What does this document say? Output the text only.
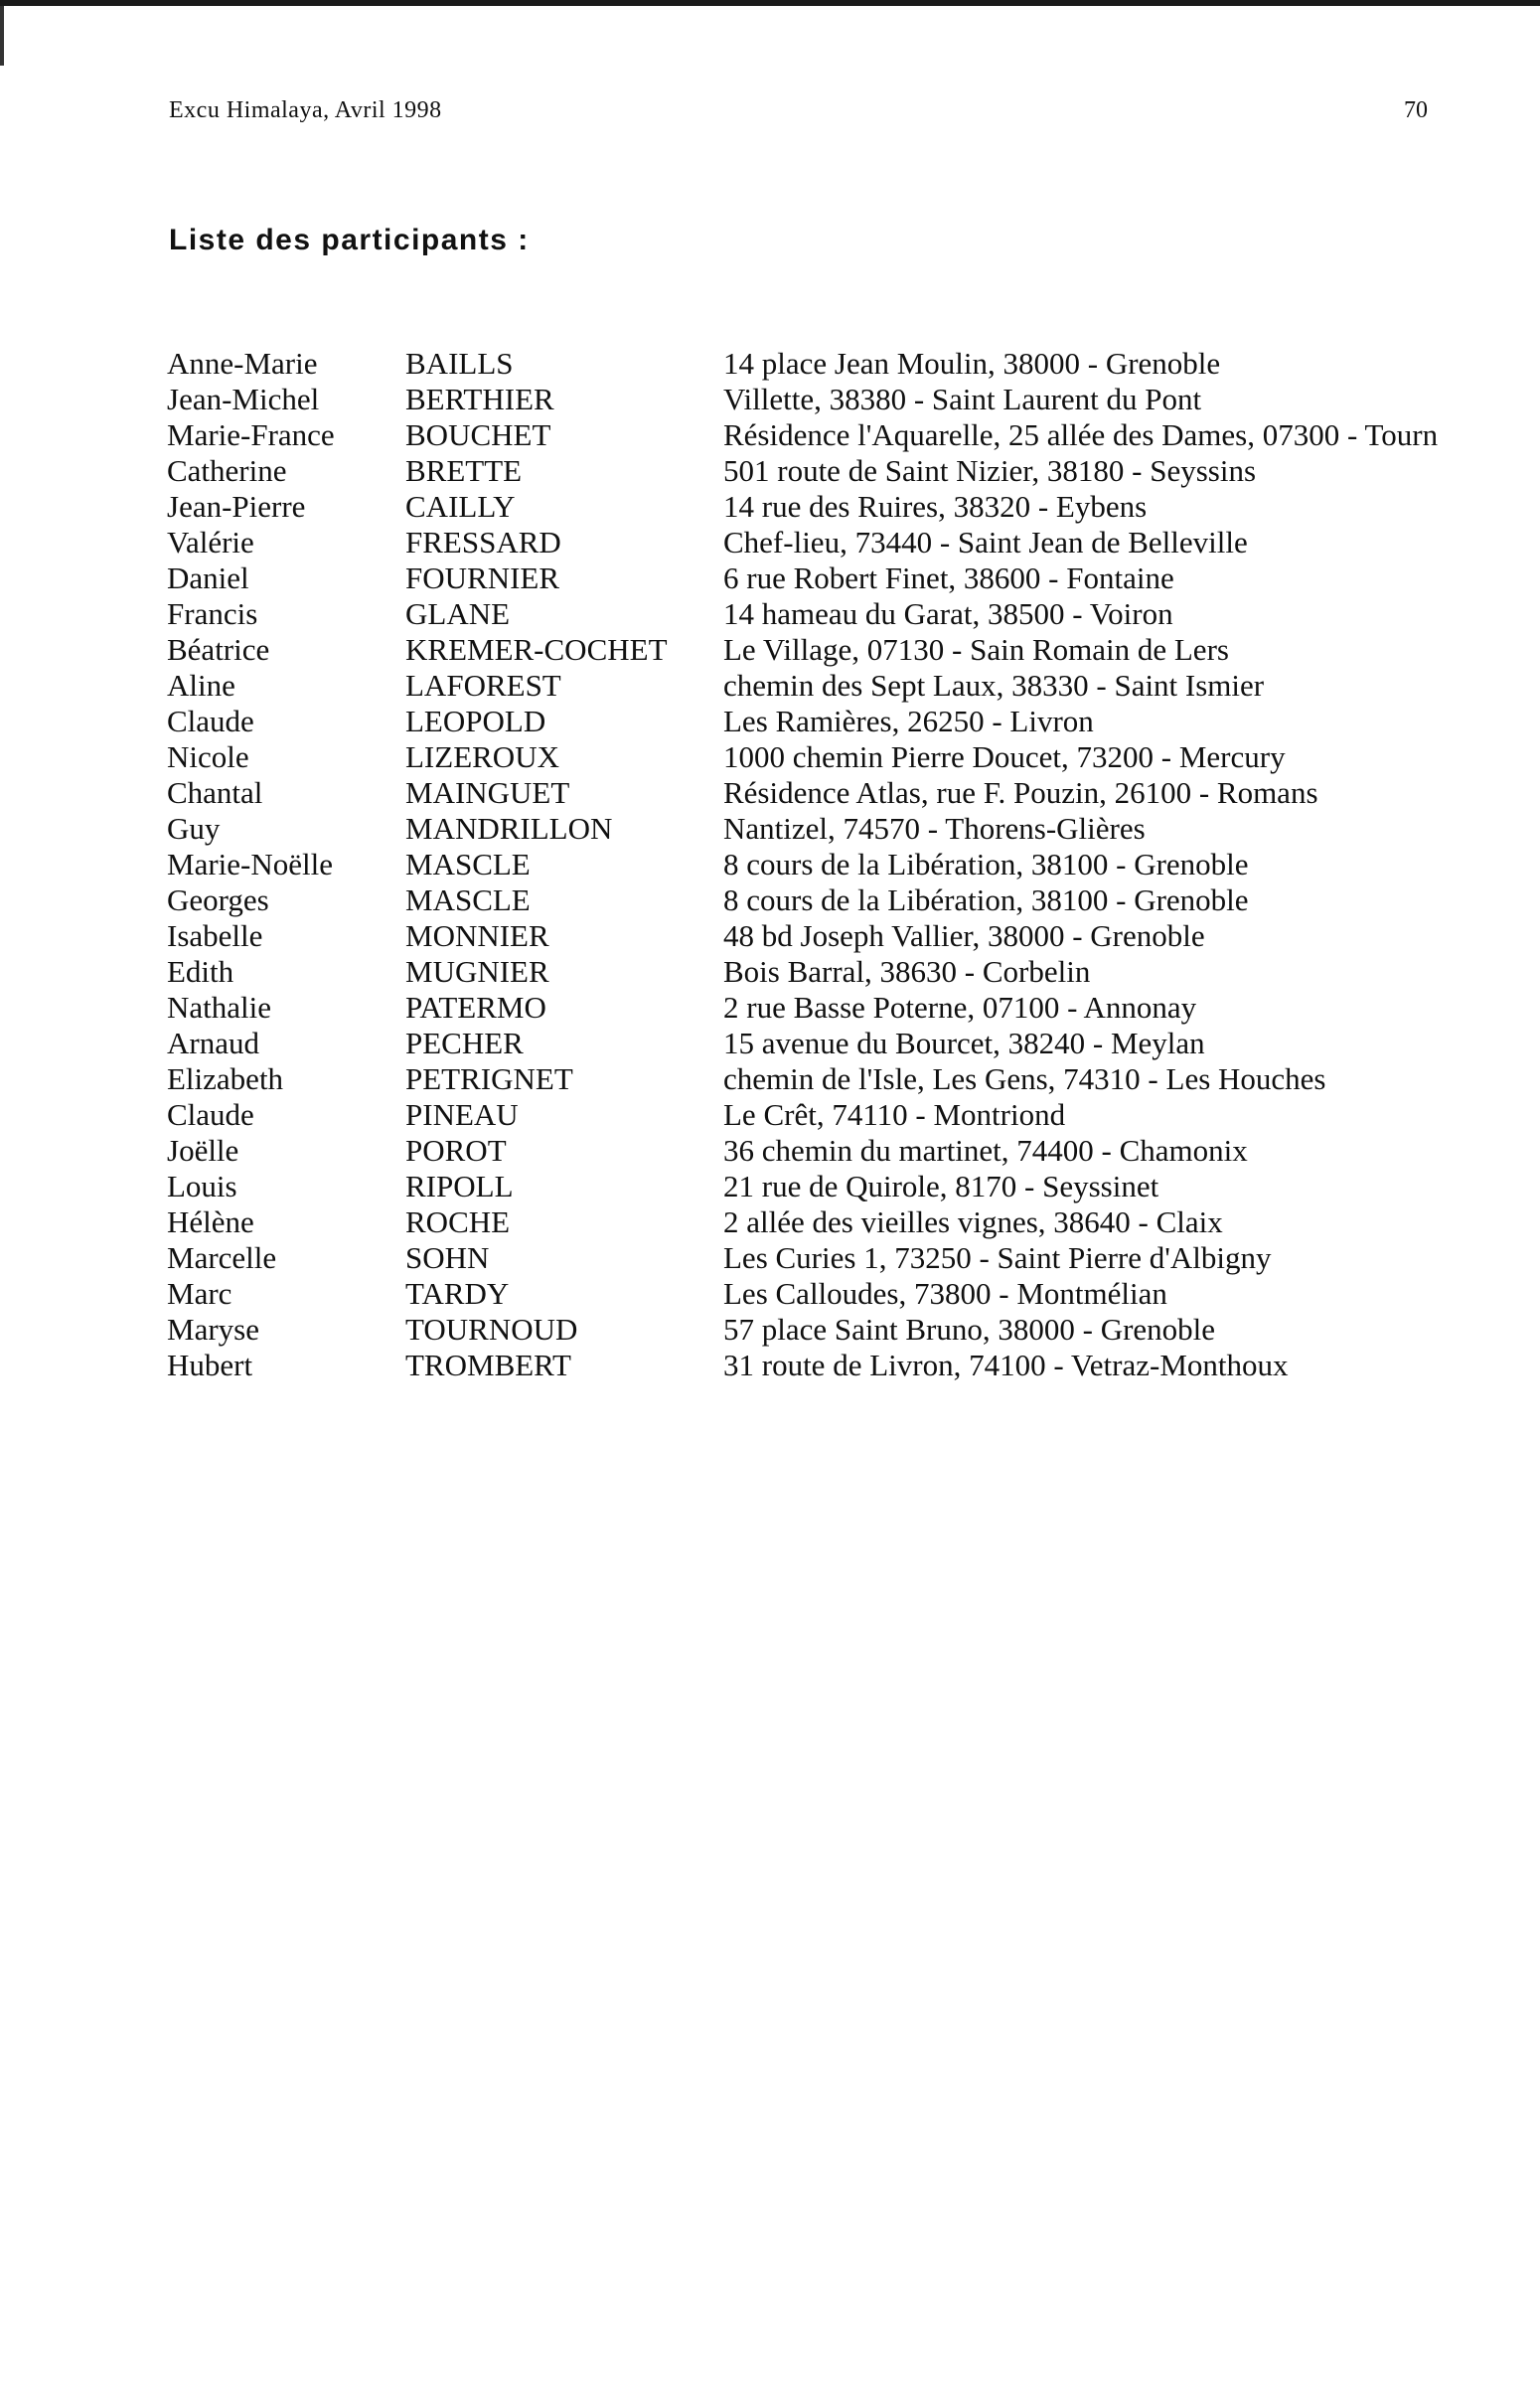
Excu Himalaya, Avril 1998	70
Liste des participants :
Anne-Marie	BAILLS	14 place Jean Moulin, 38000 - Grenoble
Jean-Michel	BERTHIER	Villette, 38380 - Saint Laurent du Pont
Marie-France BOUCHET	Résidence l'Aquarelle, 25 allée des Dames, 07300 - Tourn
Catherine	BRETTE	501 route de Saint Nizier, 38180 - Seyssins
Jean-Pierre	CAILLY	14 rue des Ruires, 38320 - Eybens
Valérie	FRESSARD	Chef-lieu, 73440 - Saint Jean de Belleville
Daniel	FOURNIER	6 rue Robert Finet, 38600 - Fontaine
Francis	GLANE	14 hameau du Garat, 38500 - Voiron
Béatrice	KREMER-COCHET Le Village, 07130 - Sain Romain de Lers
Aline	LAFOREST	chemin des Sept Laux, 38330 - Saint Ismier
Claude	LEOPOLD	Les Ramières, 26250 - Livron
Nicole	LIZEROUX	1000 chemin Pierre Doucet, 73200 - Mercury
Chantal	MAINGUET	Résidence Atlas, rue F. Pouzin, 26100 - Romans
Guy	MANDRILLON	Nantizel, 74570 - Thorens-Glières
Marie-Noëlle MASCLE	8 cours de la Libération, 38100 - Grenoble
Georges	MASCLE	8 cours de la Libération, 38100 - Grenoble
Isabelle	MONNIER	48 bd Joseph Vallier, 38000 - Grenoble
Edith	MUGNIER	Bois Barral, 38630 - Corbelin
Nathalie	PATERMO	2 rue Basse Poterne, 07100 - Annonay
Arnaud	PECHER	15 avenue du Bourcet, 38240 - Meylan
Elizabeth	PETRIGNET	chemin de l'Isle, Les Gens, 74310 - Les Houches
Claude	PINEAU	Le Crêt, 74110 - Montriond
Joëlle	POROT	36 chemin du martinet, 74400 - Chamonix
Louis	RIPOLL	21 rue de Quirole, 8170 - Seyssinet
Hélène	ROCHE	2 allée des vieilles vignes, 38640 - Claix
Marcelle	SOHN	Les Curies 1, 73250 - Saint Pierre d'Albigny
Marc	TARDY	Les Calloudes, 73800 - Montmélian
Maryse	TOURNOUD	57 place Saint Bruno, 38000 - Grenoble
Hubert	TROMBERT	31 route de Livron, 74100 - Vetraz-Monthoux
